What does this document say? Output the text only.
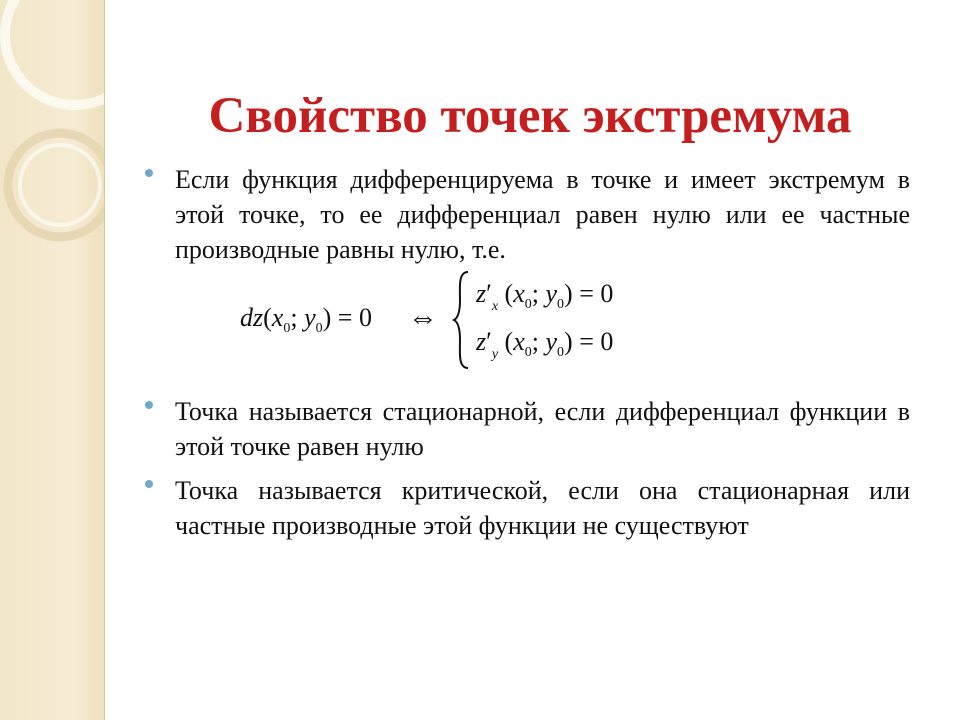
Свойство точек экстремума
Если функция дифференцируема в точке и имеет экстремум в этой точке, то ее дифференциал равен нулю или ее частные производные равны нулю, т.е.
Точка называется стационарной, если дифференциал функции в этой точке равен нулю
Точка называется критической, если она стационарная или частные производные этой функции не существуют
$dz(x_0$; $y_0) = 0$ ⇔
$z'_x$ ($x_0$; $y_0) = 0$
$z'_y$ ($x_0$; $y_0) = 0$
